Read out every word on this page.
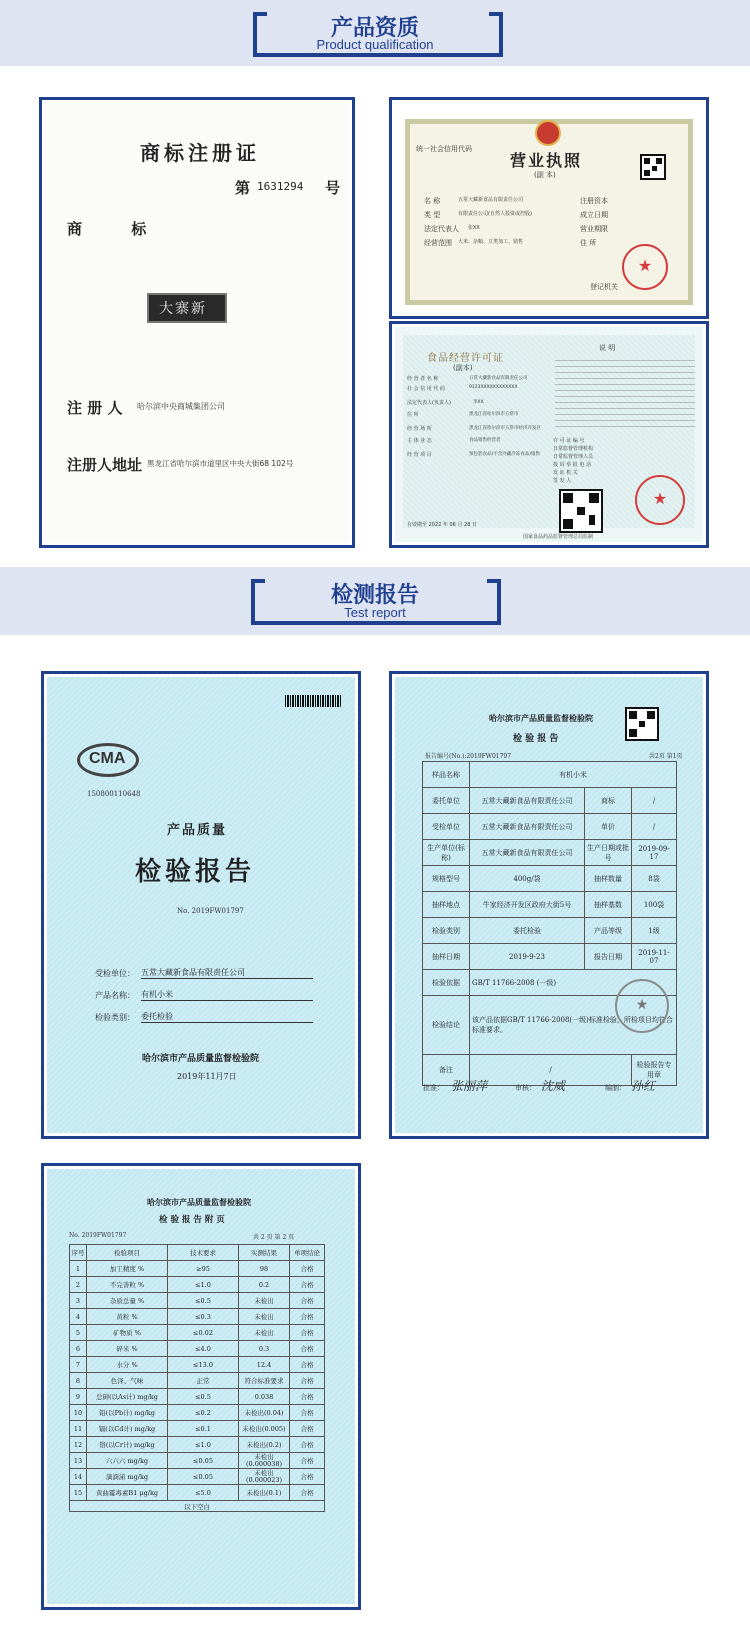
产品资质
Product qualification
商标注册证
第 1631294 号
商 标
大寨新
注 册 人 哈尔滨中央商城集团公司
注册人地址 黑龙江省哈尔滨市道里区中央大街68 102号
统一社会信用代码
营业执照
(副 本)
名 称	五常大藏新食品有限责任公司
类 型	有限责任公司(自然人投资或控股)
法定代表人 张XX
经营范围 大米、杂粮、豆类加工、销售
注册资本
成立日期
营业期限
住 所
★
登记机关
食品经营许可证
(副本)
说 明
经 营 者 名 称	五常大藏新食品有限责任公司
社 会 信 用 代 码	9123XXXXXXXXXXXX
法定代表人(负责人)	李XX
住 所	黑龙江省哈尔滨市五常市
经 营 场 所	黑龙江省哈尔滨市五常市经济开发区
主 体 业 态	食品销售经营者
经 营 项 目	预包装食品(不含冷藏冷冻食品)销售
许 可 证 编 号
日常监督管理机构
日常监督管理人员
投 诉 举 报 电 话
发 证 机 关
签 发 人
★
有效期至 2022 年 06 月 28 日
国家食品药品监督管理总局监制
检测报告
Test report
CMA
150800110648
产品质量
检验报告
No. 2019FW01797
受检单位： 五常大藏新食品有限责任公司
产品名称： 有机小米
检验类别： 委托检验
哈尔滨市产品质量监督检验院
2019年11月7日
哈尔滨市产品质量监督检验院
检 验 报 告
报告编号(No.):2019FW01797	共2页 第1页
样品名称	有机小米		
委托单位	五常大藏新食品有限责任公司	商标	/
受检单位	五常大藏新食品有限责任公司	单价	/
生产单位(标称)	五常大藏新食品有限责任公司	生产日期或批号	2019-09-17
规格型号	400g/袋	抽样数量	8袋
抽样地点	牛家经济开发区政府大街5号	抽样基数	100袋
检验类别	委托检验	产品等级	1级
抽样日期	2019-9-23	报告日期	2019-11-07
检验依据	GB/T 11766-2008 (一级)		
检验结论	该产品依据GB/T 11766-2008(一级)标准检验，所检项目均符合标准要求。		
备注	/		检验报告专用章
★
批准： 张丽萍	审核： 沈威	编制： 孙红
哈尔滨市产品质量监督检验院
检 验 报 告 附 页
No. 2019FW01797	共 2 页 第 2 页
序号	检验项目	技术要求	实测结果	单项结论
1	加工精度 %	≥95	98	合格
2	不完善粒 %	≤1.0	0.2	合格
3	杂质总量 %	≤0.5	未检出	合格
4	黄粒 %	≤0.3	未检出	合格
5	矿物质 %	≤0.02	未检出	合格
6	碎米 %	≤4.0	0.3	合格
7	水分 %	≤13.0	12.4	合格
8	色泽、气味	正常	符合标准要求	合格
9	总砷(以As计) mg/kg	≤0.5	0.038	合格
10	铅(以Pb计) mg/kg	≤0.2	未检出(0.04)	合格
11	镉(以Cd计) mg/kg	≤0.1	未检出(0.005)	合格
12	铬(以Cr计) mg/kg	≤1.0	未检出(0.2)	合格
13	六六六 mg/kg	≤0.05	未检出 (0.000038)	合格
14	滴滴涕 mg/kg	≤0.05	未检出 (0.000023)	合格
15	黄曲霉毒素B1 μg/kg	≤5.0	未检出(0.1)	合格
以下空白				
